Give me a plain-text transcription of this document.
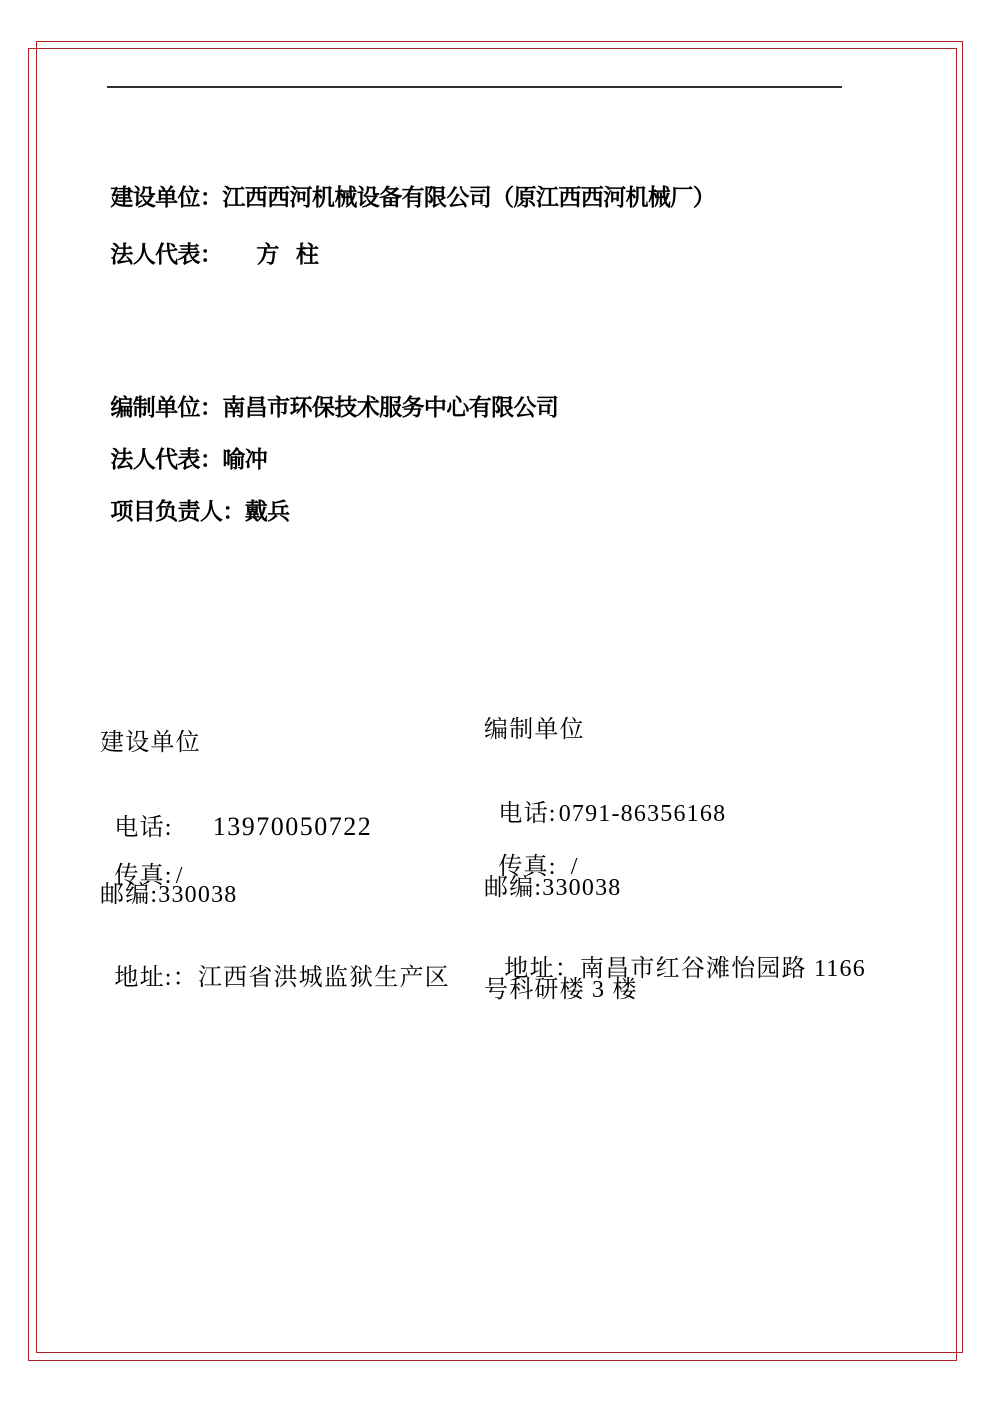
建设单位：江西西河机械设备有限公司（原江西西河机械厂）

法人代表： 方 柱

编制单位：南昌市环保技术服务中心有限公司

法人代表：喻冲

项目负责人：戴兵

建设单位

电话: 13970050722

传真: /

邮编:330038

地址:：江西省洪城监狱生产区

编制单位

电话:0791-86356168

传真: /

邮编:330038

地址：南昌市红谷滩怡园路 1166

号科研楼 3 楼
